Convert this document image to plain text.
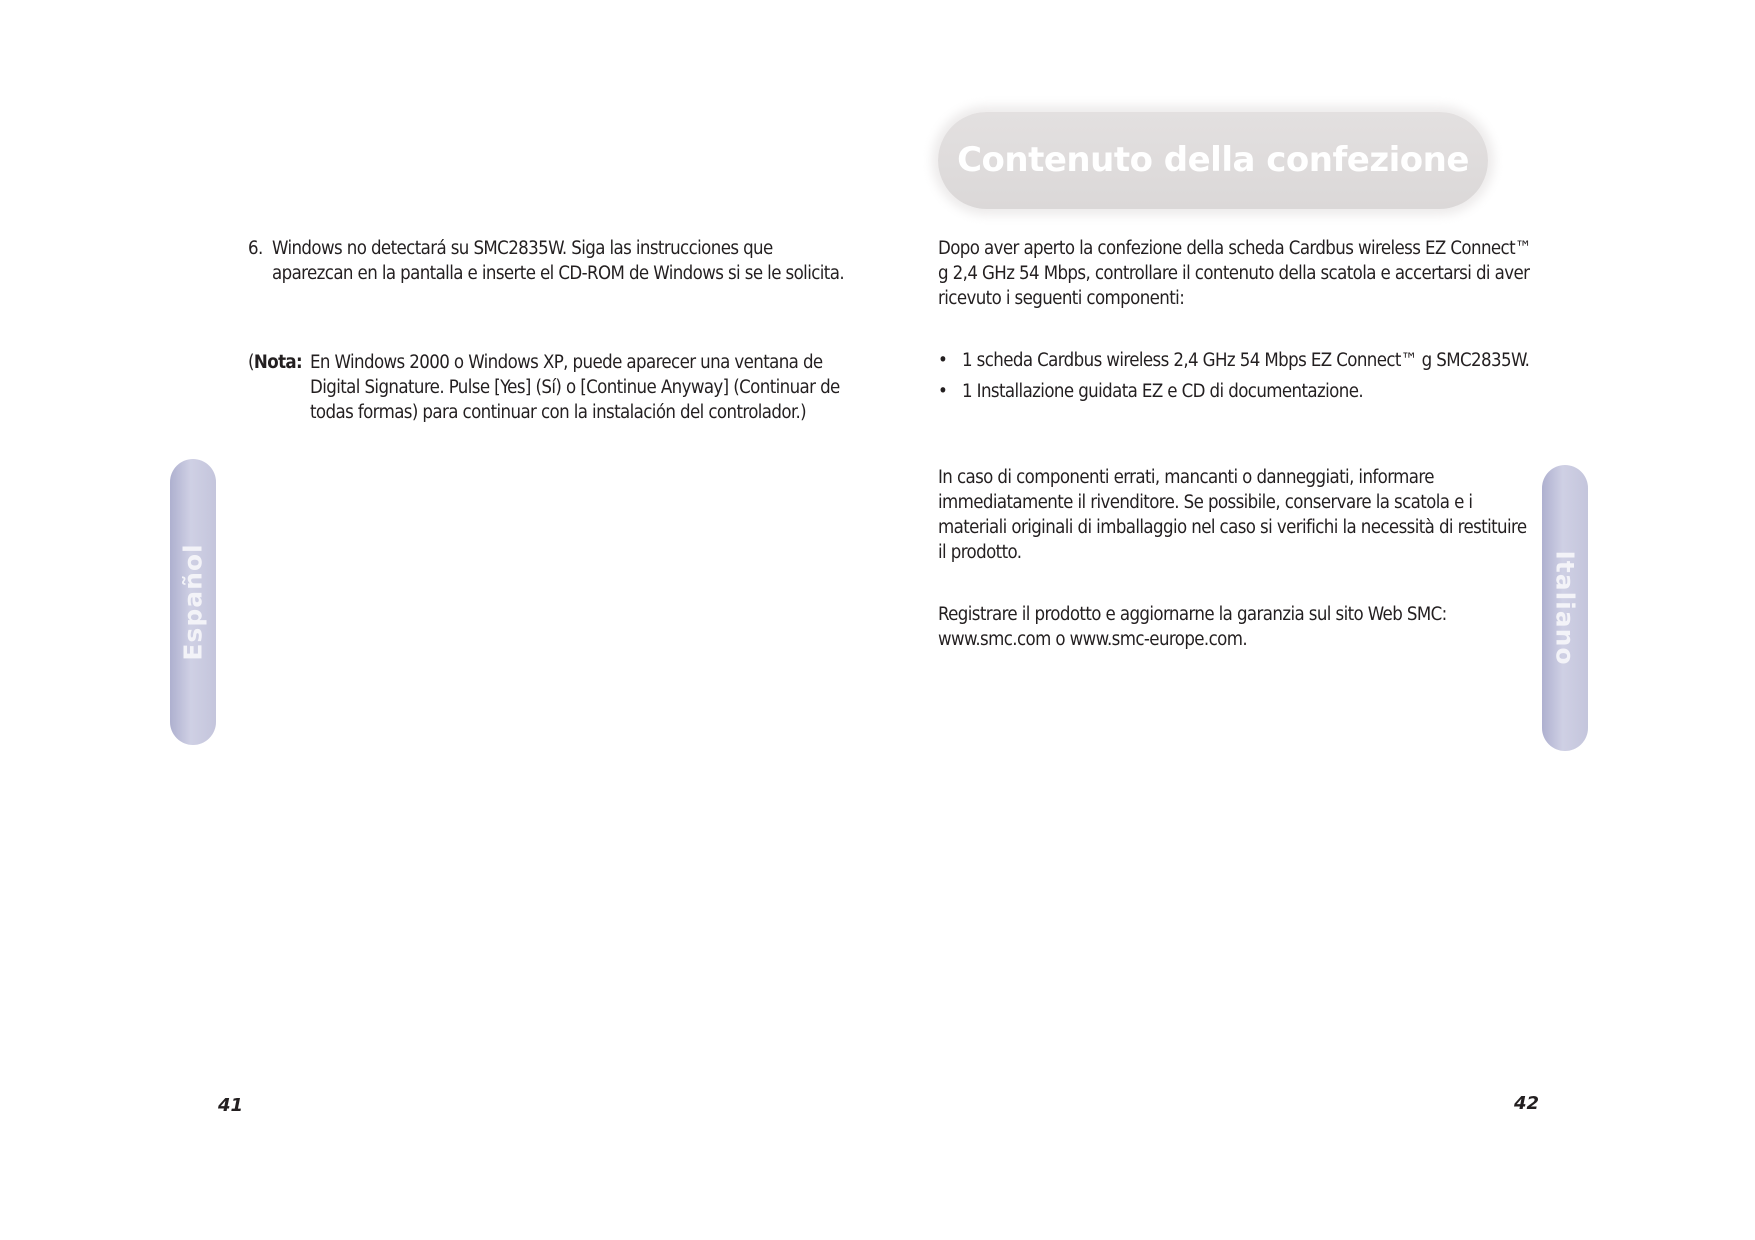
6. Windows no detectará su SMC2835W. Siga las instrucciones que aparezcan en la pantalla e inserte el CD-ROM de Windows si se le solicita.
(Nota: En Windows 2000 o Windows XP, puede aparecer una ventana de Digital Signature. Pulse [Yes] (Sí) o [Continue Anyway] (Continuar de todas formas) para continuar con la instalación del controlador.)
Español
41
Contenuto della confezione
Dopo aver aperto la confezione della scheda Cardbus wireless EZ Connect™ g 2,4 GHz 54 Mbps, controllare il contenuto della scatola e accertarsi di aver ricevuto i seguenti componenti:
• 1 scheda Cardbus wireless 2,4 GHz 54 Mbps EZ Connect™ g SMC2835W.
• 1 Installazione guidata EZ e CD di documentazione.
In caso di componenti errati, mancanti o danneggiati, informare immediatamente il rivenditore. Se possibile, conservare la scatola e i materiali originali di imballaggio nel caso si verifichi la necessità di restituire il prodotto.
Registrare il prodotto e aggiornarne la garanzia sul sito Web SMC: www.smc.com o www.smc-europe.com.	Italiano
42
